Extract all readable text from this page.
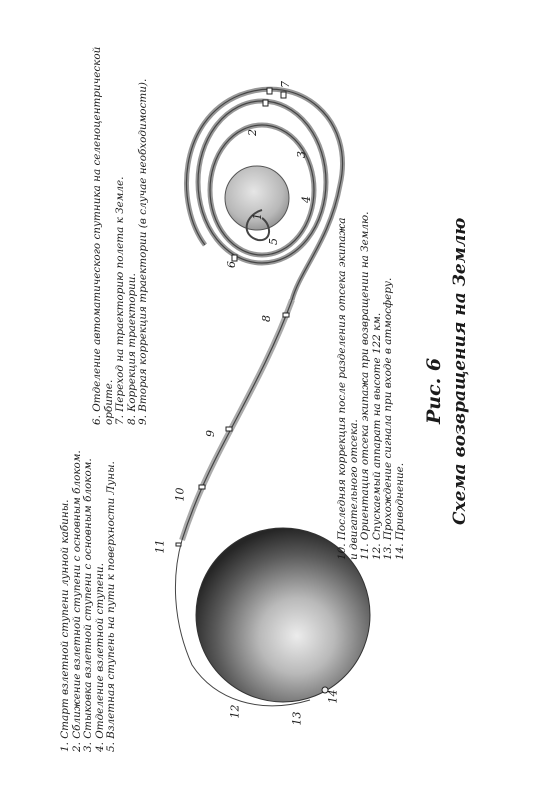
1
2
3
4
5
6
7
8
9
10
11
12	13
14
1. Старт взлетной ступени лунной кабины. 2. Сближение взлетной ступени с основным блоком. 3. Стыковка взлетной ступени с основным блоком. 4. Отделение взлетной ступени. 5. Взлетная ступень на пути к поверхности Луны.
6. Отделение автоматического спутника на селеноцентрической орбите. 7. Переход на траекторию полета к Земле. 8. Коррекция траектории. 9. Вторая коррекция траектории (в случае необходимости).	10. Последняя коррекция после разделения отсека экипажа и двигательного отсека. 11. Ориентация отсека экипажа при возвращении на Землю. 12. Спускаемый аппарат на высоте 122 км. 13. Прохождение сигнала при входе в атмосферу. 14. Приводнение.
Рис. 6 Схема возвращения на Землю
